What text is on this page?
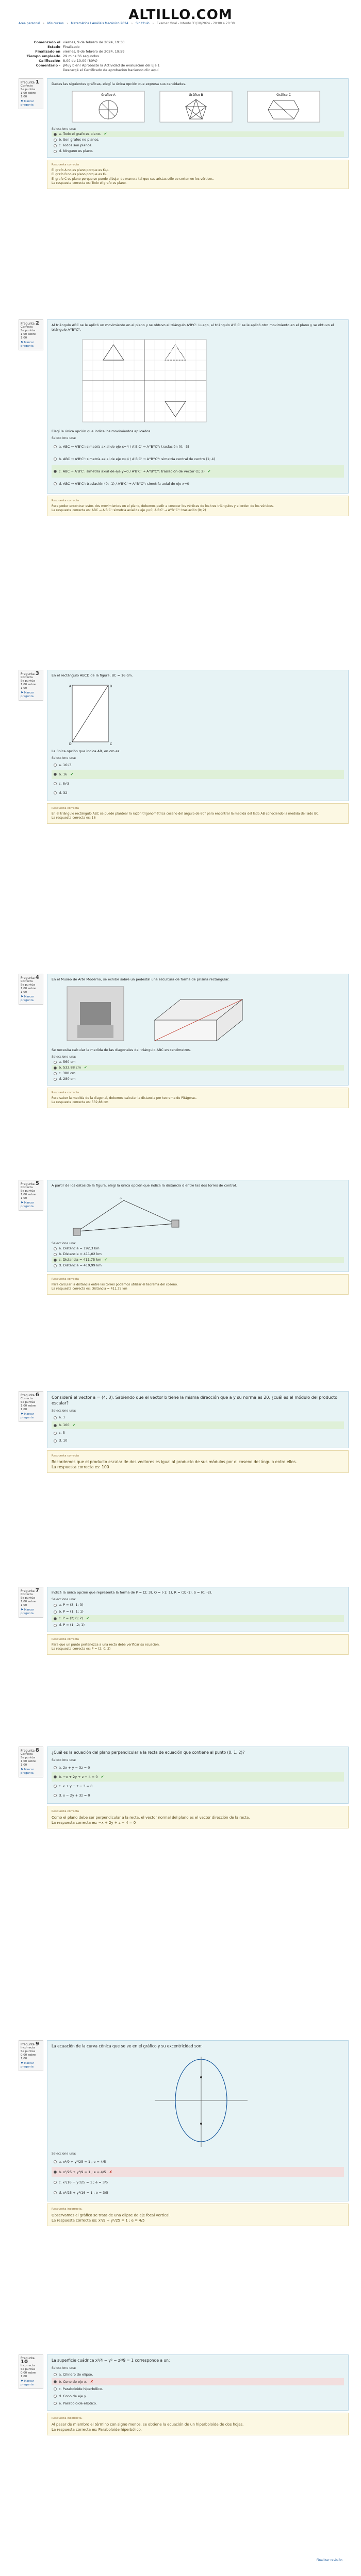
ALTILLO.COM
Área personal › Mis cursos › Matemática I Análisis Mecánico 2024 › Sin título › Examen final - Intento 31/10/2024 - 20:00 a 20:30
Comenzado el viernes, 9 de febrero de 2024, 19:30
Estado Finalizado
Finalizado en viernes, 9 de febrero de 2024, 19:59
Tiempo empleado 29 mins 36 segundos
Calificación 8,00 de 10,00 (80%)
Comentario - ¡Muy bien! Aprobaste la Actividad de evaluación del Eje 1
Descargá el Certificado de aprobación haciendo clic aquí
Pregunta 1
Correcta
Se puntúa 1,00 sobre 1,00
⚑ Marcar pregunta

Dadas las siguientes gráficas, elegí la única opción que expresa sus cantidades.

Gráfico A	Gráfico B	Gráfico C
Seleccione una:
a. Todo el grafo es plano. ✔
b. Son grafos no planos.
c. Todos son planos.
d. Ninguno es plano.
Respuesta correcta

El grafo A no es plano porque es K₃,₃.

El grafo B no es plano porque es K₅.

El grafo C es plano porque se puede dibujar de manera tal que sus aristas sólo se corten en los vértices.

La respuesta correcta es: Todo el grafo es plano.

Pregunta 2
Correcta
Se puntúa 1,00 sobre 1,00
⚑ Marcar pregunta

Al triángulo ABC se le aplicó un movimiento en el plano y se obtuvo el triángulo A'B'C'. Luego, al triángulo A'B'C' se le aplicó otro movimiento en el plano y se obtuvo el triángulo A''B''C''.

Elegí la única opción que indica los movimientos aplicados.

Seleccione una:
a. ABC → A'B'C': simetría axial de eje x=4 / A'B'C' → A''B''C'': traslación (0; -3)
b. ABC → A'B'C': simetría axial de eje x=4 / A'B'C' → A''B''C'': simetría central de centro (1; 4)
c. ABC → A'B'C': simetría axial de eje y=0 / A'B'C' → A''B''C'': traslación de vector (1; 2) ✔
d. ABC → A'B'C': traslación (0; -1) / A'B'C' → A''B''C'': simetría axial de eje x=0
Respuesta correcta

Para poder encontrar estos dos movimientos en el plano, debemos pedir a conocer los vértices de los tres triángulos y el orden de los vértices.

La respuesta correcta es: ABC → A'B'C': simetría axial de eje y=0; A'B'C' → A''B''C'': traslación (0; 2)

Pregunta 3
Correcta
Se puntúa 1,00 sobre 1,00
⚑ Marcar pregunta

En el rectángulo ABCD de la figura, BC = 16 cm.

A	B
C
D

La única opción que indica AB, en cm es:

Seleccione una:
a. 16√3
b. 16 ✔
c. 8√3
d. 32
Respuesta correcta

En el triángulo rectángulo ABC se puede plantear la razón trigonométrica coseno del ángulo de 60° para encontrar la medida del lado AB conociendo la medida del lado BC.

La respuesta correcta es: 16

Pregunta 4
Correcta
Se puntúa 1,00 sobre 1,00
⚑ Marcar pregunta

En el Museo de Arte Moderno, se exhibe sobre un pedestal una escultura de forma de prisma rectangular.

Se necesita calcular la medida de las diagonales del triángulo ABC en centímetros.

Seleccione una:
a. 560 cm
b. 532,88 cm ✔
c. 380 cm
d. 280 cm
Respuesta correcta

Para saber la medida de la diagonal, debemos calcular la distancia por teorema de Pitágoras.

La respuesta correcta es: 532,88 cm

Pregunta 5
Correcta
Se puntúa 1,00 sobre 1,00
⚑ Marcar pregunta

A partir de los datos de la figura, elegí la única opción que indica la distancia d entre las dos torres de control.

✈
Seleccione una:
a. Distancia = 192,3 km
b. Distancia = 411,02 km
c. Distancia = 411,75 km ✔
d. Distancia = 419,99 km
Respuesta correcta

Para calcular la distancia entre las torres podemos utilizar el teorema del coseno.

La respuesta correcta es: Distancia = 411,75 km

Pregunta 6
Correcta
Se puntúa 1,00 sobre 1,00
⚑ Marcar pregunta

Considerá el vector a = (4; 3). Sabiendo que el vector b tiene la misma dirección que a y su norma es 20, ¿cuál es el módulo del producto escalar?

Seleccione una:
a. 1
b. 100 ✔
c. 5
d. 10
Respuesta correcta

Recordemos que el producto escalar de dos vectores es igual al producto de sus módulos por el coseno del ángulo entre ellos.

La respuesta correcta es: 100

Pregunta 7
Correcta
Se puntúa 1,00 sobre 1,00
⚑ Marcar pregunta

Indicá la única opción que representa la forma de P = (2; 3), Q = (-1; 1), R = (3; -1), S = (0; -2).

Seleccione una:
a. P = (3; 1; 3)
b. P = (1; 1; 1)
c. P = (2; 0; 2) ✔
d. P = (1; -2; 1)
Respuesta correcta

Para que un punto pertenezca a una recta debe verificar su ecuación.

La respuesta correcta es: P = (2; 0; 2)

Pregunta 8
Correcta
Se puntúa 1,00 sobre 1,00
⚑ Marcar pregunta

¿Cuál es la ecuación del plano perpendicular a la recta de ecuación que contiene al punto (0, 1, 2)?

Seleccione una:
a. 2x + y − 3z = 0
b. −x + 2y + z − 4 = 0 ✔
c. x + y + z − 3 = 0
d. x − 2y + 3z = 0
Respuesta correcta

Como el plano debe ser perpendicular a la recta, el vector normal del plano es el vector dirección de la recta.

La respuesta correcta es: −x + 2y + z − 4 = 0

Pregunta 9
Incorrecta
Se puntúa 0,00 sobre 1,00
⚑ Marcar pregunta

La ecuación de la curva cónica que se ve en el gráfico y su excentricidad son:

Seleccione una:
a. x²/9 + y²/25 = 1 ; e = 4/5
b. x²/25 + y²/9 = 1 ; e = 4/5 ✘
c. x²/16 + y²/25 = 1 ; e = 3/5
d. x²/25 + y²/16 = 1 ; e = 3/5
Respuesta incorrecta.

Observamos el gráfico se trata de una elipse de eje focal vertical.

La respuesta correcta es: x²/9 + y²/25 = 1 ; e = 4/5

Pregunta 10
Incorrecta
Se puntúa 0,00 sobre 1,00
⚑ Marcar pregunta

La superficie cuádrica x²/4 − y² − z²/9 = 1 corresponde a un:

Seleccione una:
a. Cilindro de elipse.
b. Cono de eje x. ✘
c. Paraboloide hiperbólico.
d. Cono de eje y.
e. Paraboloide elíptico.
Respuesta incorrecta.

Al pasar de miembro el término con signo menos, se obtiene la ecuación de un hiperboloide de dos hojas.

La respuesta correcta es: Paraboloide hiperbólico.

Finalizar revisión
